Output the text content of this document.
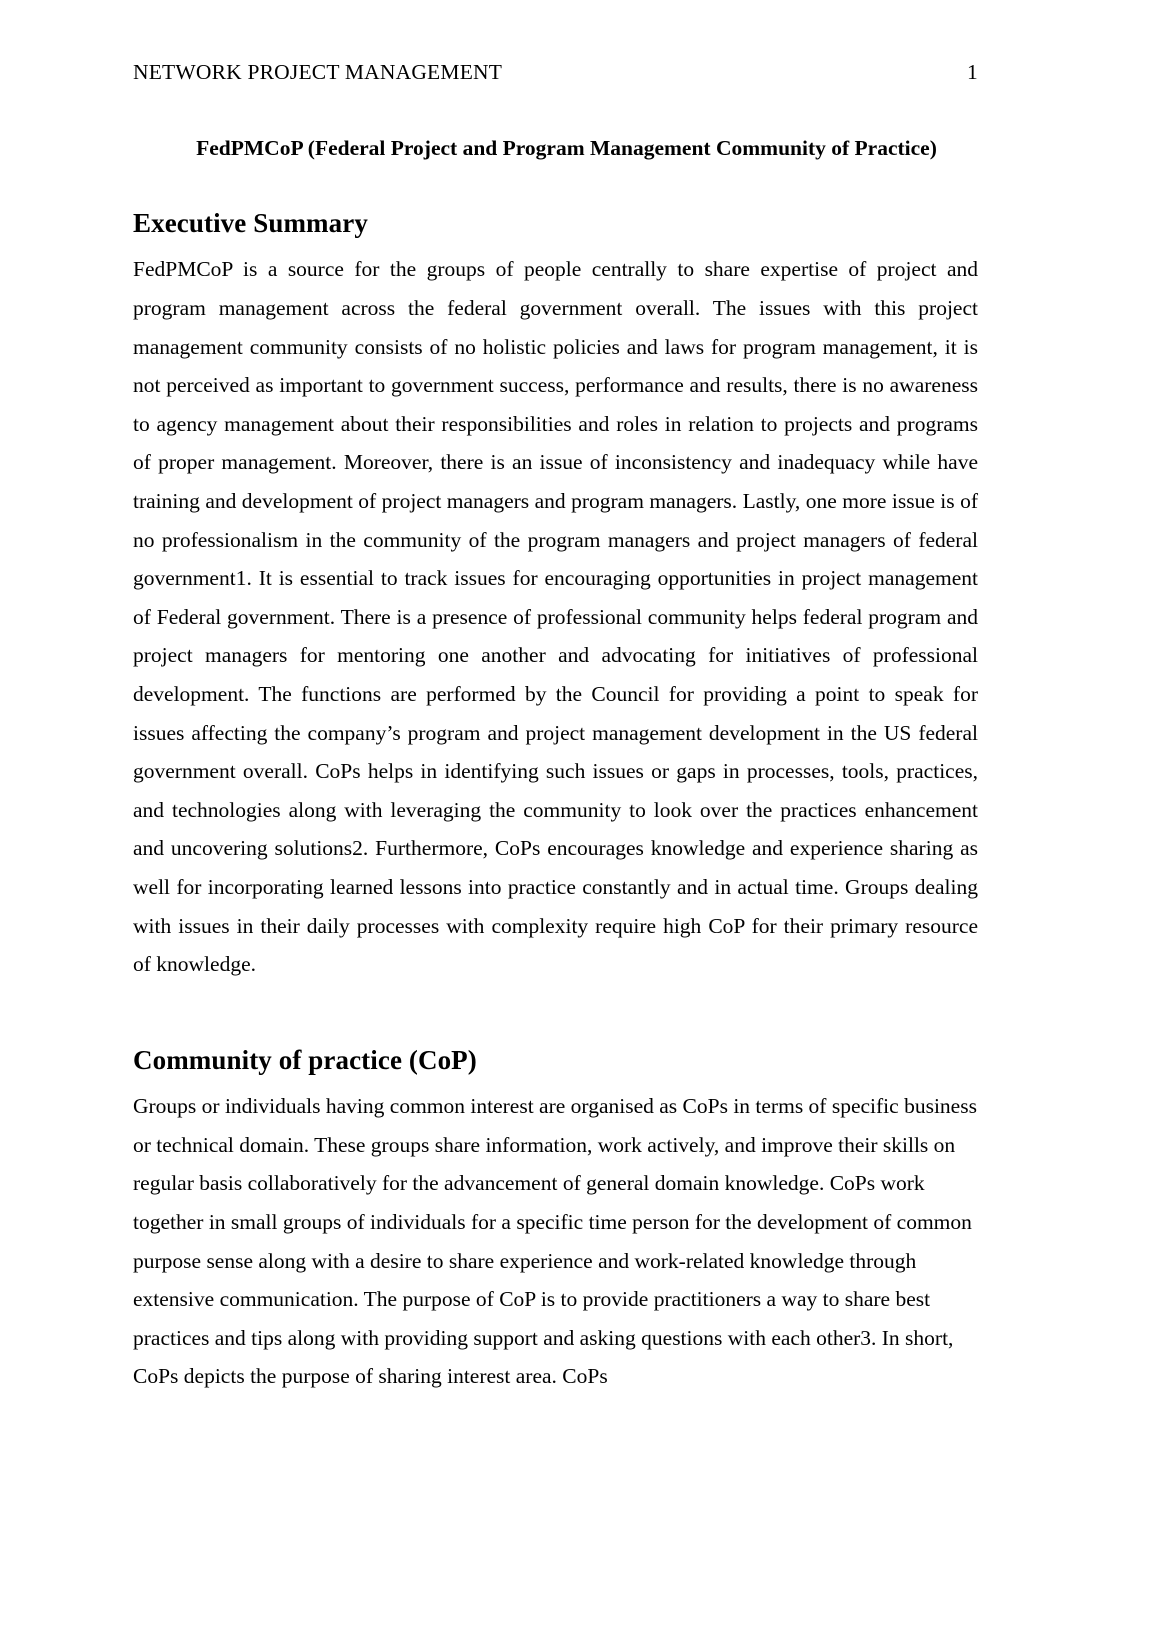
NETWORK PROJECT MANAGEMENT	1
FedPMCoP (Federal Project and Program Management Community of Practice)
Executive Summary

FedPMCoP is a source for the groups of people centrally to share expertise of project and program management across the federal government overall. The issues with this project management community consists of no holistic policies and laws for program management, it is not perceived as important to government success, performance and results, there is no awareness to agency management about their responsibilities and roles in relation to projects and programs of proper management. Moreover, there is an issue of inconsistency and inadequacy while have training and development of project managers and program managers. Lastly, one more issue is of no professionalism in the community of the program managers and project managers of federal government1. It is essential to track issues for encouraging opportunities in project management of Federal government. There is a presence of professional community helps federal program and project managers for mentoring one another and advocating for initiatives of professional development. The functions are performed by the Council for providing a point to speak for issues affecting the company’s program and project management development in the US federal government overall. CoPs helps in identifying such issues or gaps in processes, tools, practices, and technologies along with leveraging the community to look over the practices enhancement and uncovering solutions2. Furthermore, CoPs encourages knowledge and experience sharing as well for incorporating learned lessons into practice constantly and in actual time. Groups dealing with issues in their daily processes with complexity require high CoP for their primary resource of knowledge.

Community of practice (CoP)

Groups or individuals having common interest are organised as CoPs in terms of specific business or technical domain. These groups share information, work actively, and improve their skills on regular basis collaboratively for the advancement of general domain knowledge. CoPs work together in small groups of individuals for a specific time person for the development of common purpose sense along with a desire to share experience and work-related knowledge through extensive communication. The purpose of CoP is to provide practitioners a way to share best practices and tips along with providing support and asking questions with each other3. In short, CoPs depicts the purpose of sharing interest area. CoPs
